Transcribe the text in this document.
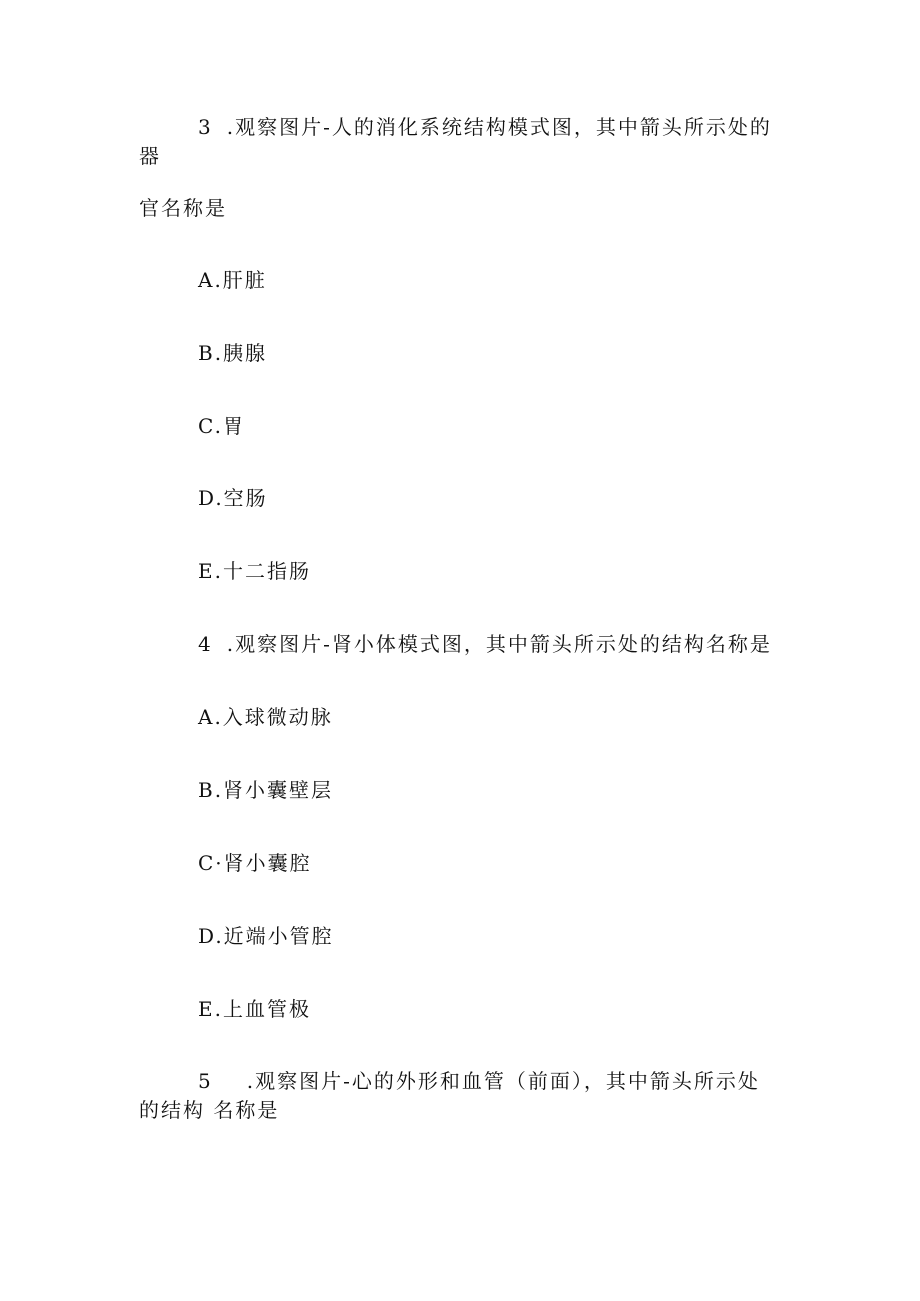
3 .观察图片-人的消化系统结构模式图，其中箭头所示处的
器
官名称是
A.肝脏
B.胰腺
C.胃
D.空肠
E.十二指肠
4 .观察图片-肾小体模式图，其中箭头所示处的结构名称是
A.入球微动脉
B.肾小囊壁层
C·肾小囊腔
D.近端小管腔
E.上血管极
5 .观察图片-心的外形和血管（前面），其中箭头所示处
的结构 名称是
